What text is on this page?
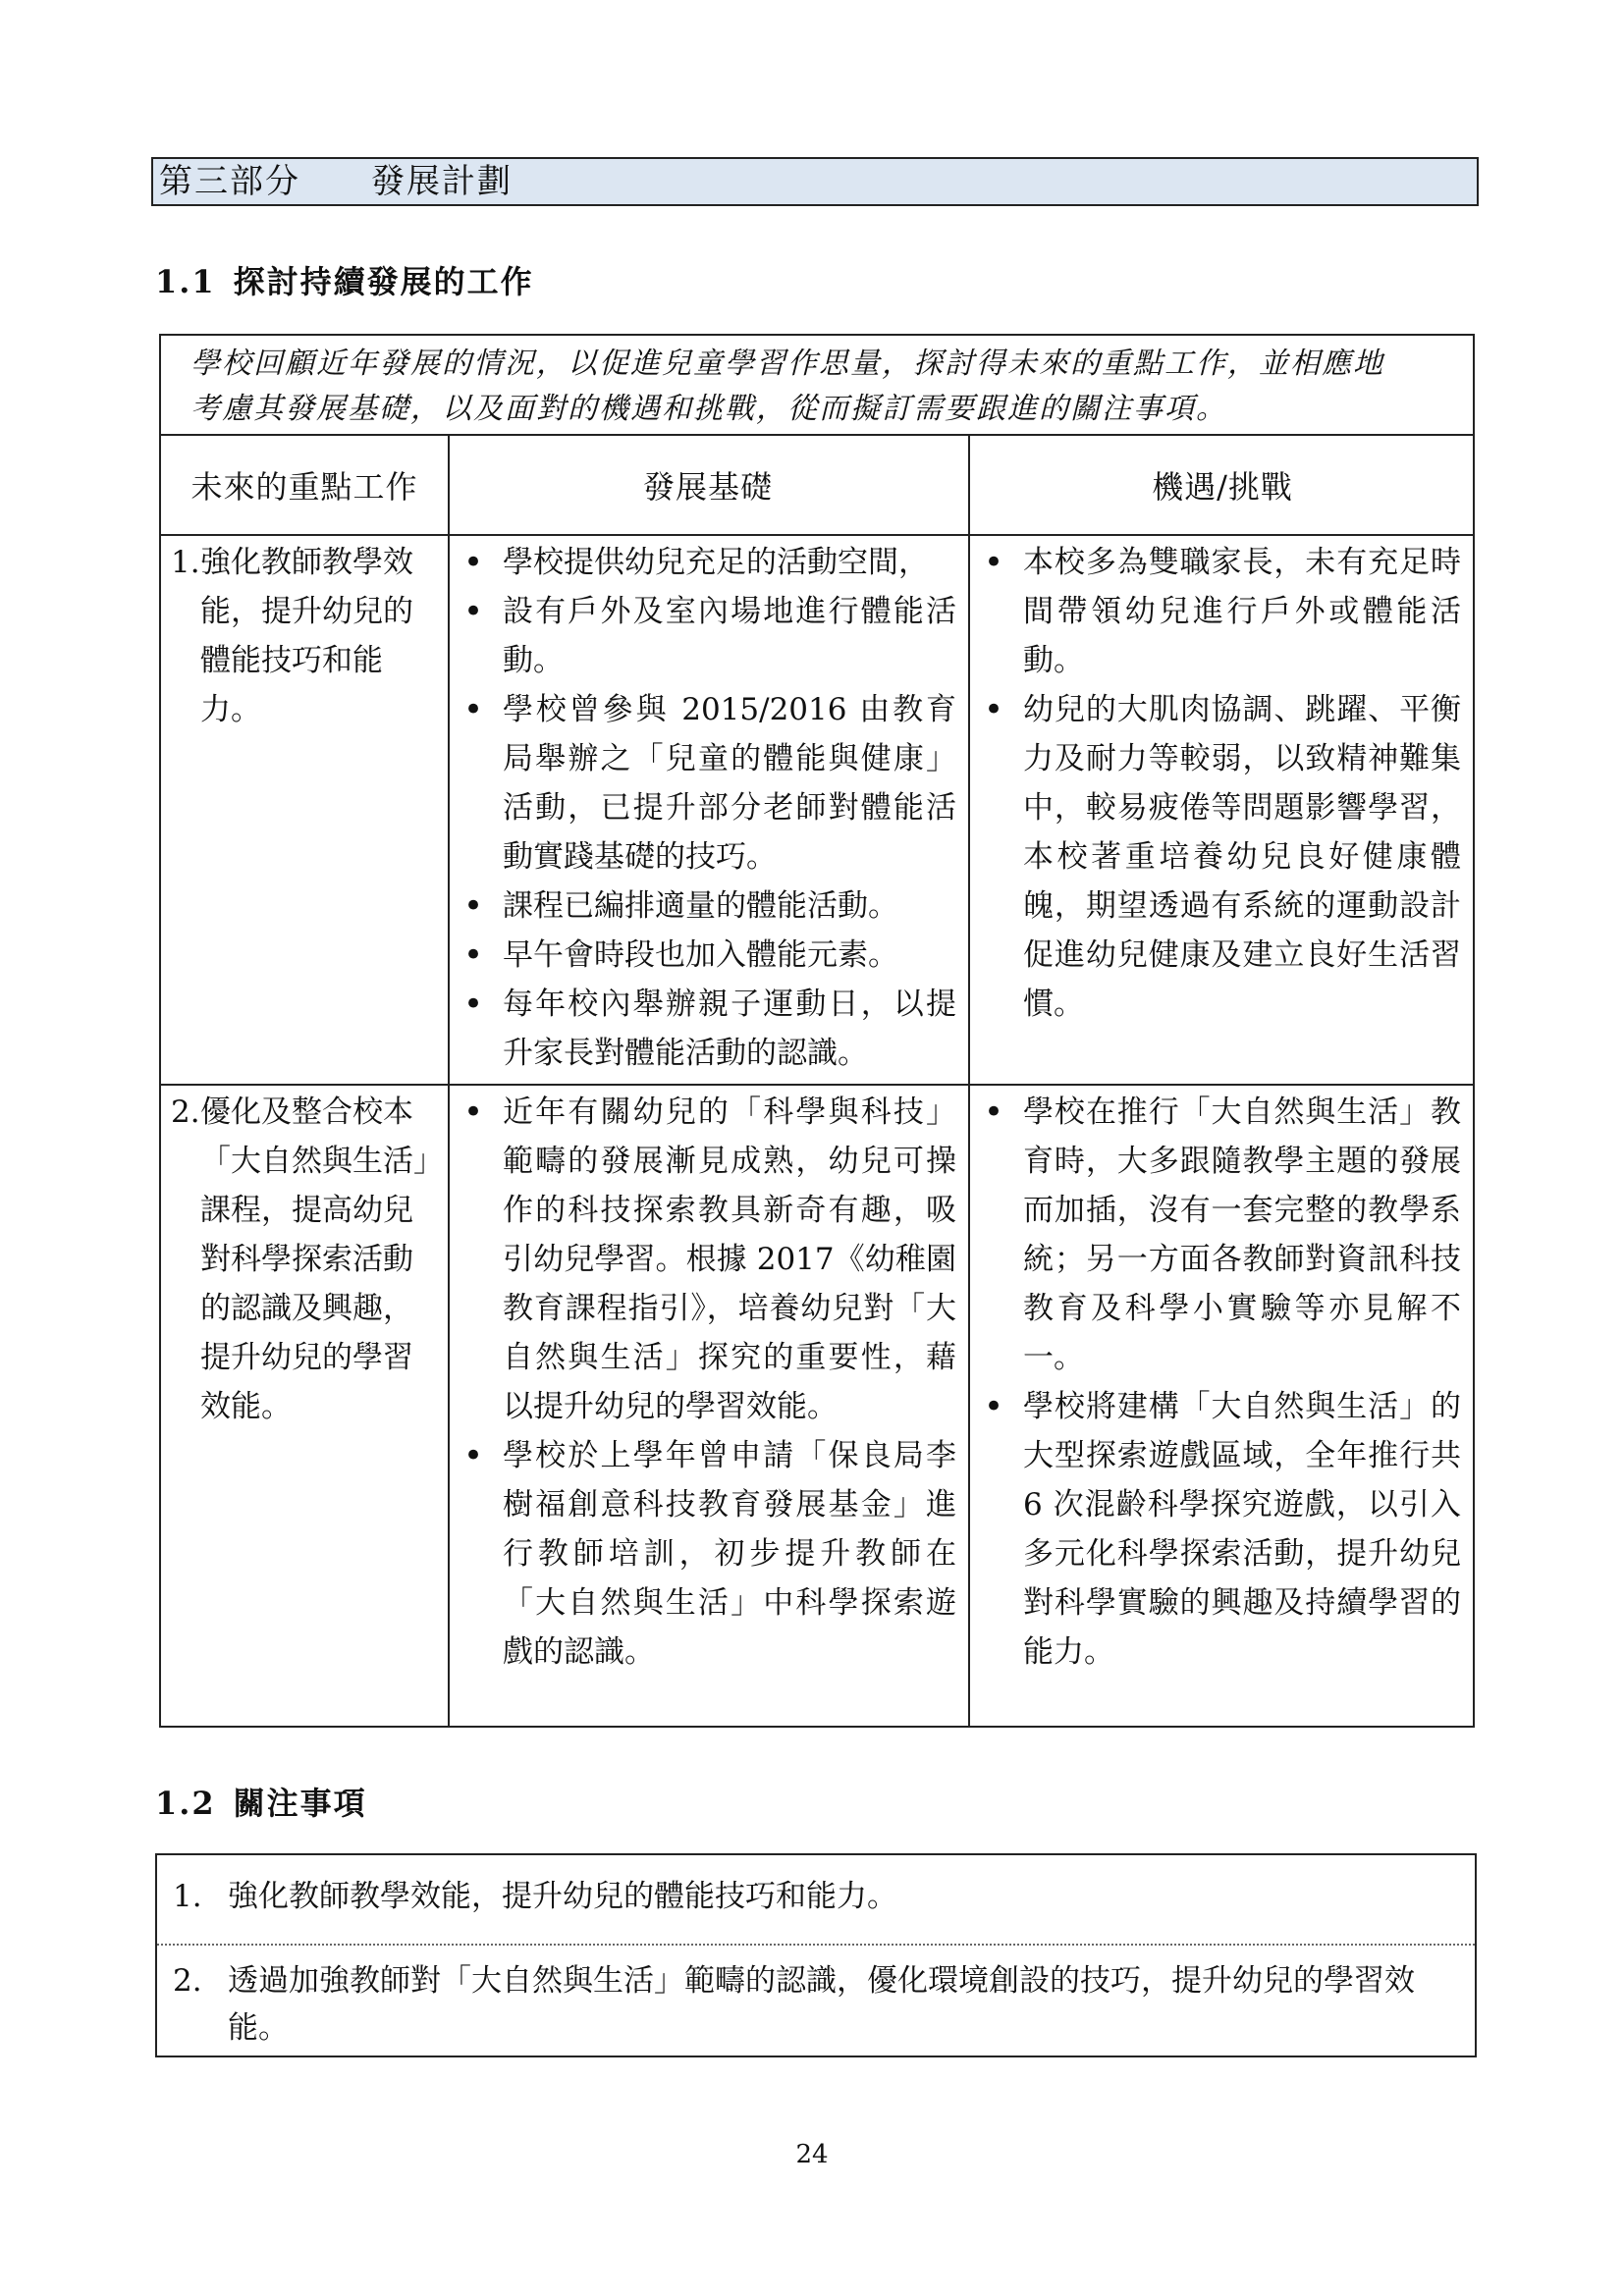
第三部分 發展計劃
1.1 探討持續發展的工作

學校回顧近年發展的情況，以促進兒童學習作思量，探討得未來的重點工作，並相應地

考慮其發展基礎，以及面對的機遇和挑戰，從而擬訂需要跟進的關注事項。

未來的重點工作	發展基礎	機遇/挑戰
1. 強化教師教學效能，提升幼兒的體能技巧和能力。
• 學校提供幼兒充足的活動空間，
• 設有戶外及室內場地進行體能活動。
• 學校曾參與 2015/2016 由教育局舉辦之「兒童的體能與健康」活動，已提升部分老師對體能活動實踐基礎的技巧。
• 課程已編排適量的體能活動。
• 早午會時段也加入體能元素。
• 每年校內舉辦親子運動日，以提升家長對體能活動的認識。
• 本校多為雙職家長，未有充足時間帶領幼兒進行戶外或體能活動。
• 幼兒的大肌肉協調、跳躍、平衡力及耐力等較弱，以致精神難集中，較易疲倦等問題影響學習，本校著重培養幼兒良好健康體魄，期望透過有系統的運動設計促進幼兒健康及建立良好生活習慣。
2. 優化及整合校本「大自然與生活」課程，提高幼兒對科學探索活動的認識及興趣，提升幼兒的學習效能。
• 近年有關幼兒的「科學與科技」範疇的發展漸見成熟，幼兒可操作的科技探索教具新奇有趣，吸引幼兒學習。根據 2017《幼稚園教育課程指引》，培養幼兒對「大自然與生活」探究的重要性，藉以提升幼兒的學習效能。
• 學校於上學年曾申請「保良局李樹福創意科技教育發展基金」進行教師培訓，初步提升教師在「大自然與生活」中科學探索遊戲的認識。
• 學校在推行「大自然與生活」教育時，大多跟隨教學主題的發展而加插，沒有一套完整的教學系統；另一方面各教師對資訊科技教育及科學小實驗等亦見解不一。
• 學校將建構「大自然與生活」的大型探索遊戲區域，全年推行共 6 次混齡科學探究遊戲，以引入多元化科學探索活動，提升幼兒對科學實驗的興趣及持續學習的能力。
1.2 關注事項
1. 強化教師教學效能，提升幼兒的體能技巧和能力。
2. 透過加強教師對「大自然與生活」範疇的認識，優化環境創設的技巧，提升幼兒的學習效能。
24
